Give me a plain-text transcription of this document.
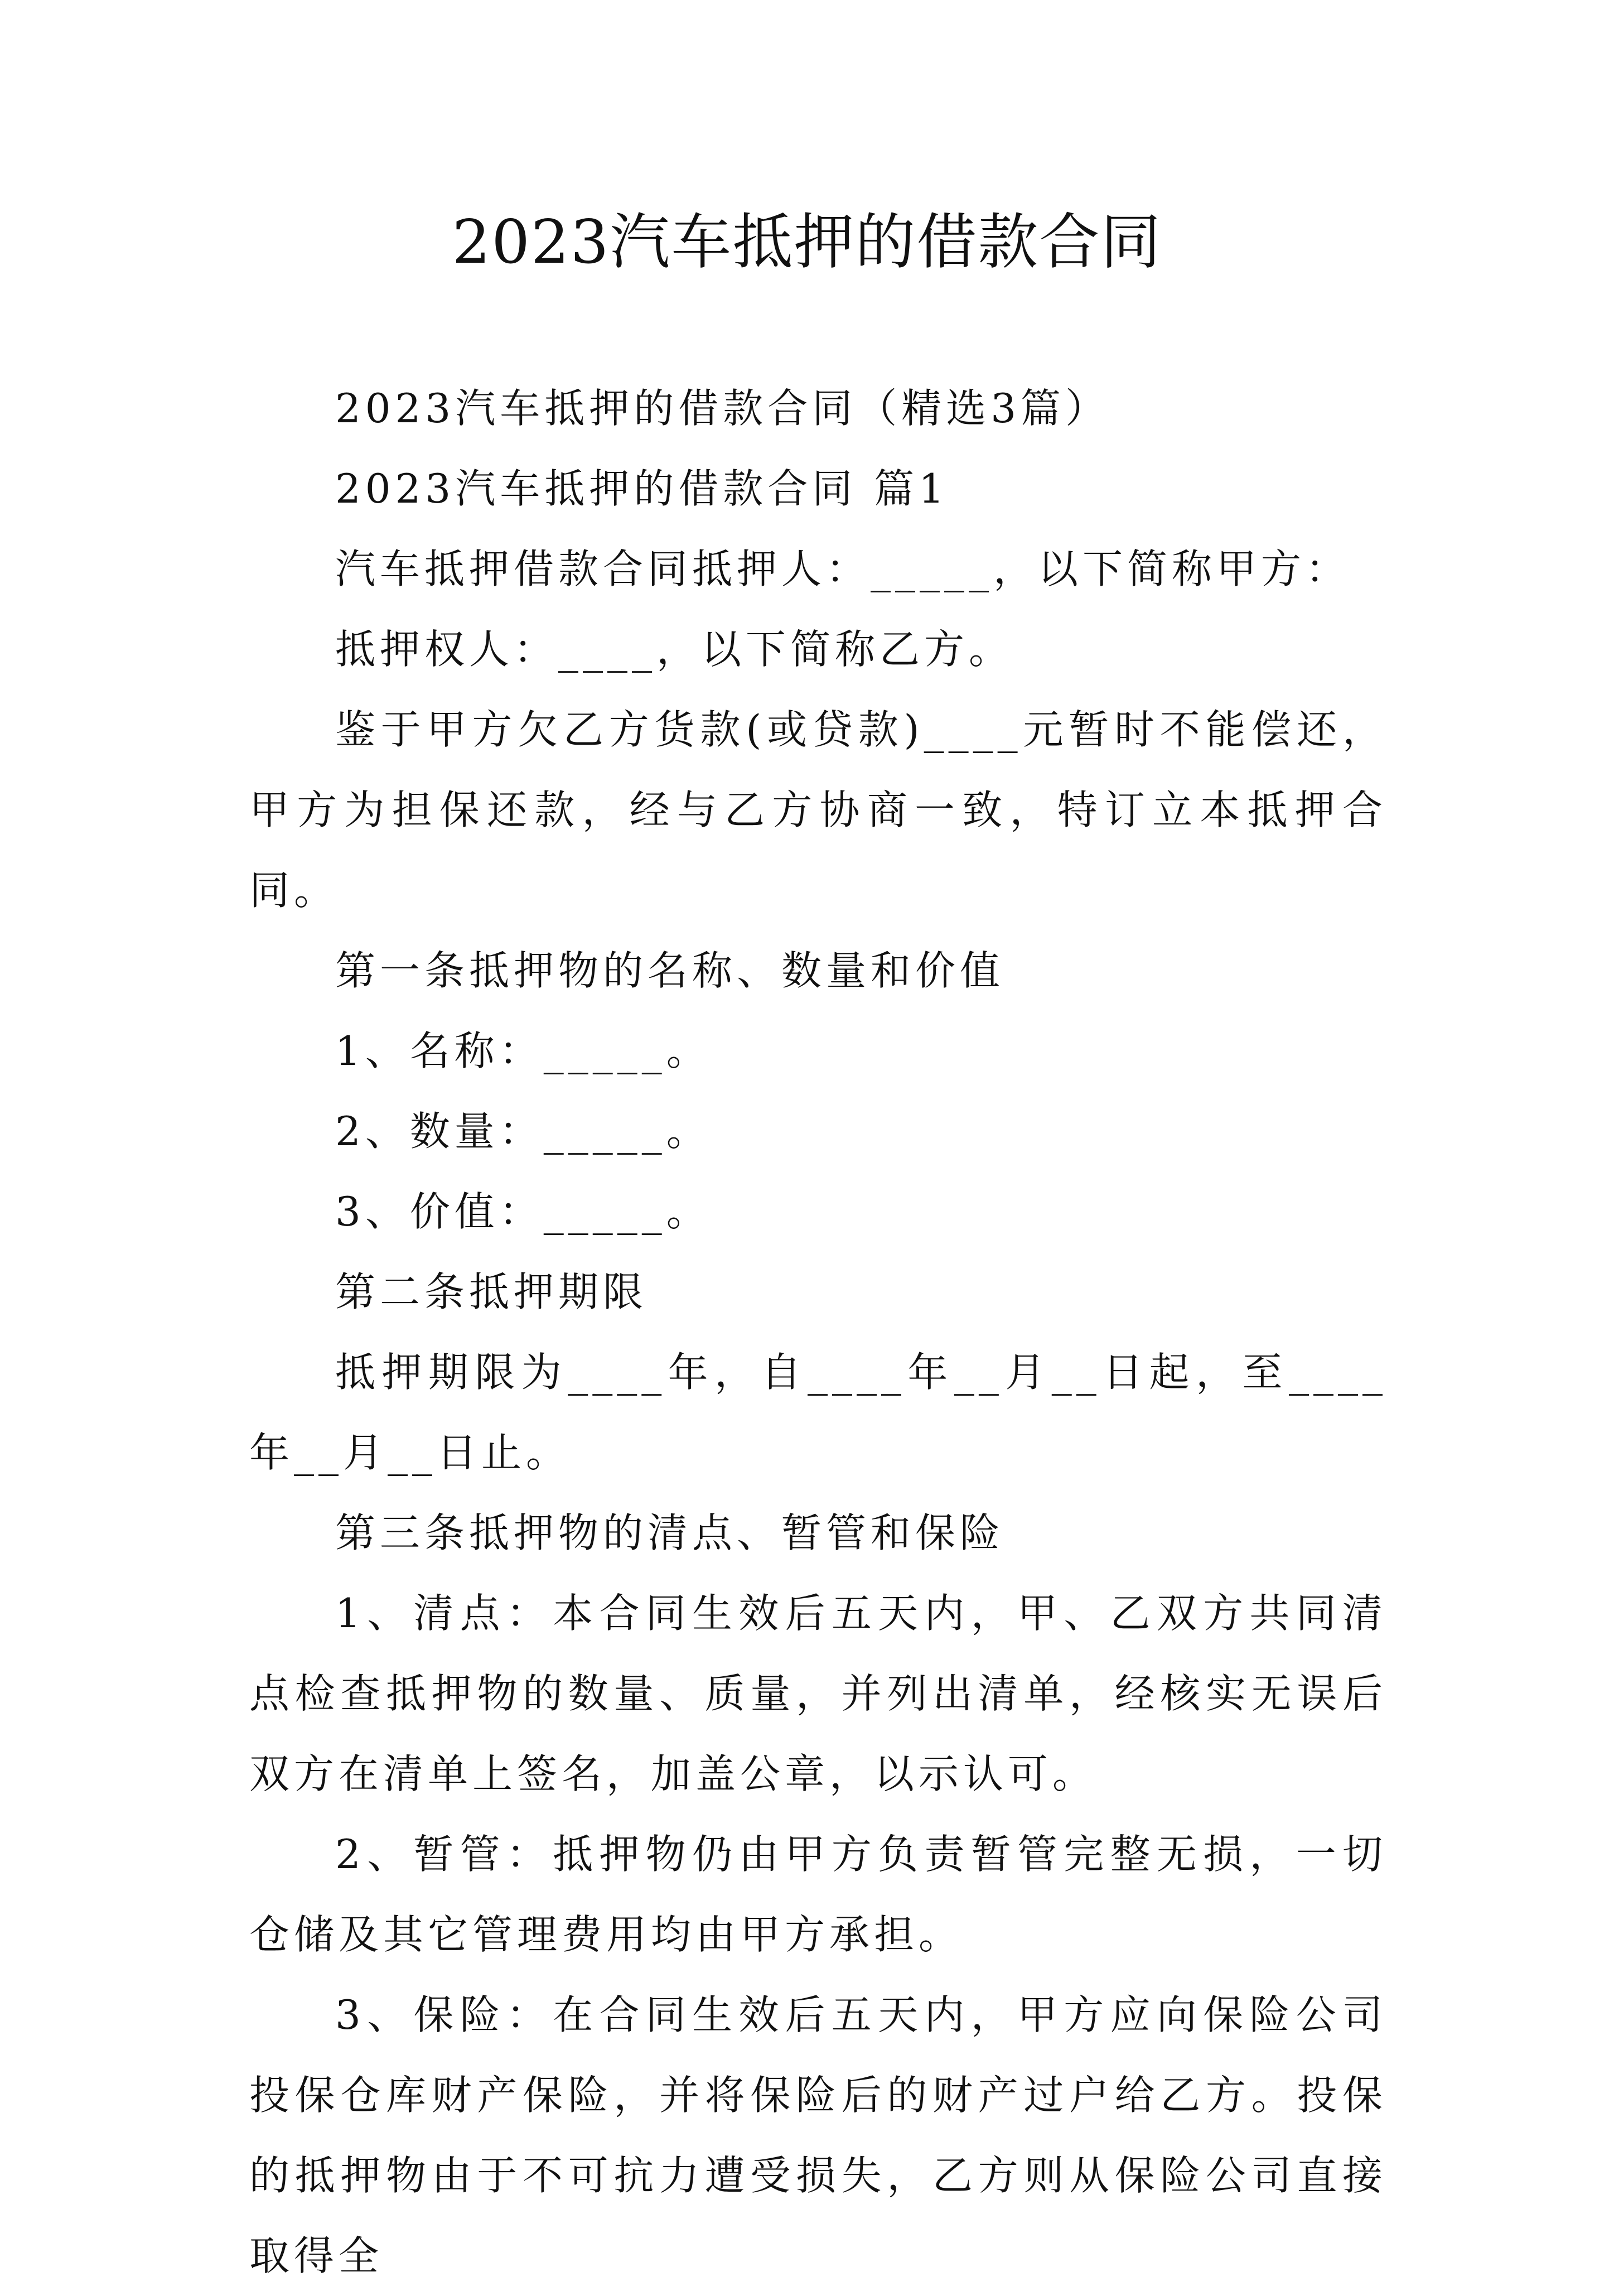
2023汽车抵押的借款合同

2023汽车抵押的借款合同（精选3篇）

2023汽车抵押的借款合同 篇1

汽车抵押借款合同抵押人：_____，以下简称甲方：

抵押权人：____，以下简称乙方。

鉴于甲方欠乙方货款(或贷款)____元暂时不能偿还，甲方为担保还款，经与乙方协商一致，特订立本抵押合同。

第一条抵押物的名称、数量和价值

1、名称：_____。

2、数量：_____。

3、价值：_____。

第二条抵押期限

抵押期限为____年，自____年__月__日起，至____年__月__日止。

第三条抵押物的清点、暂管和保险

1、清点：本合同生效后五天内，甲、乙双方共同清点检查抵押物的数量、质量，并列出清单，经核实无误后双方在清单上签名，加盖公章，以示认可。

2、暂管：抵押物仍由甲方负责暂管完整无损，一切仓储及其它管理费用均由甲方承担。

3、保险：在合同生效后五天内，甲方应向保险公司投保仓库财产保险，并将保险后的财产过户给乙方。投保的抵押物由于不可抗力遭受损失，乙方则从保险公司直接取得全
